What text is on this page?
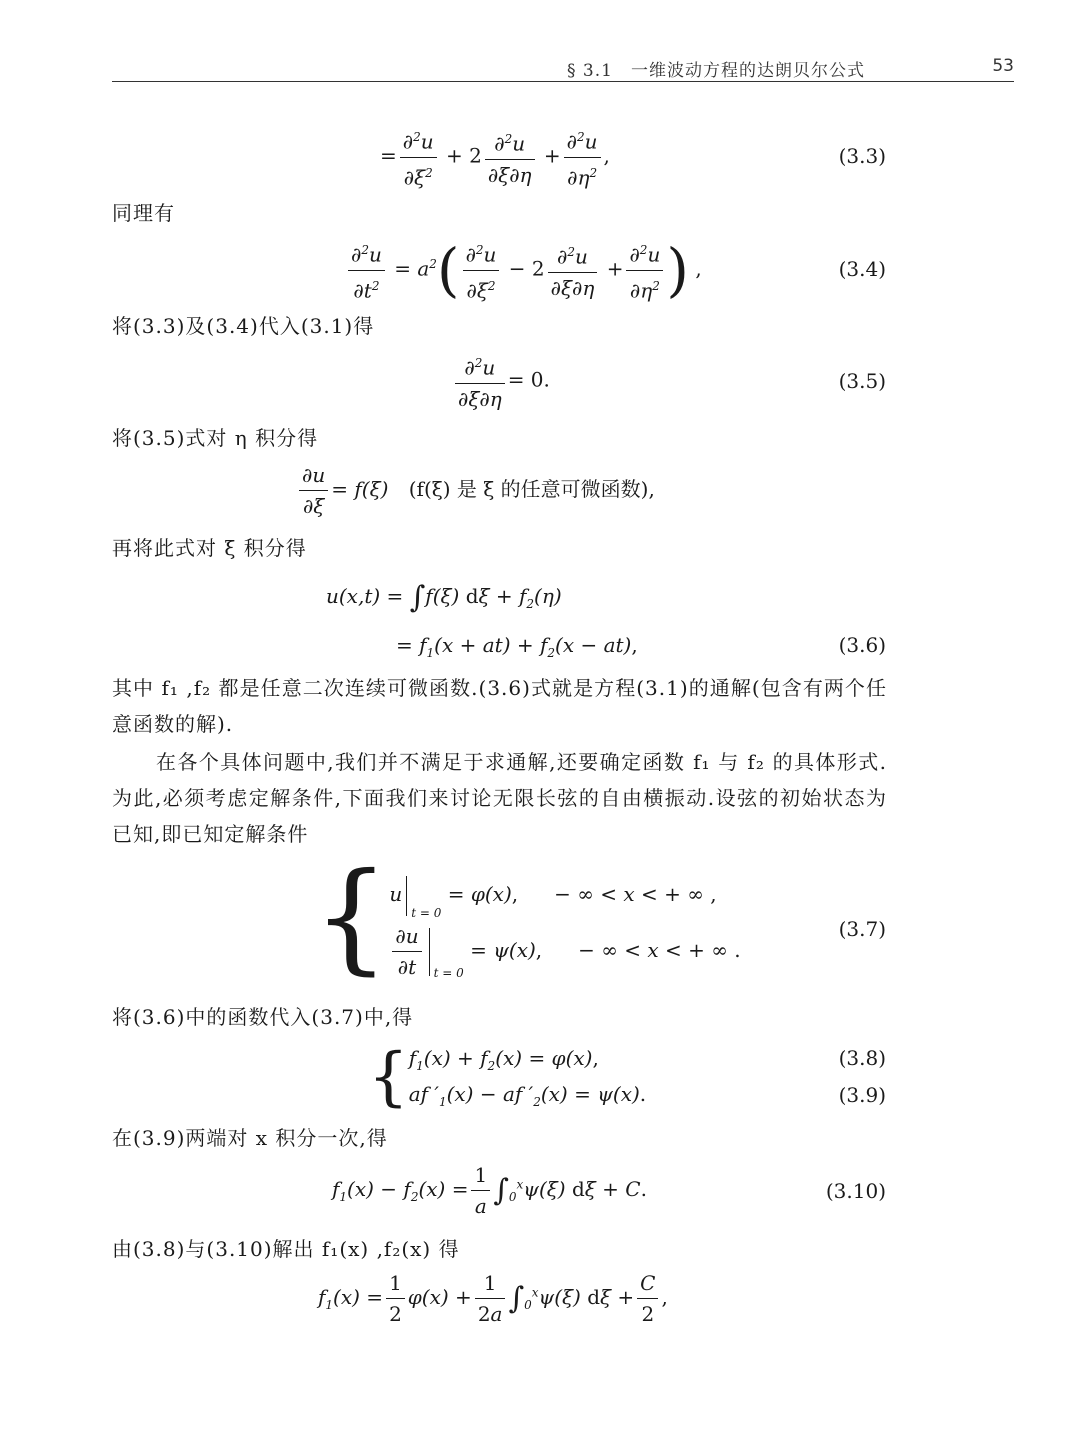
§ 3.1　一维波动方程的达朗贝尔公式	53
= $\frac{\partial^2u}{\partial\xi^2} + 2 \frac{\partial^2u}{\partial\xi\partial\eta} + \frac{\partial^2u}{\partial\eta^2}$ ,	(3.3)
同理有
$\frac{\partial^2u}{\partial t^2} = a^2( \frac{\partial^2u}{\partial\xi^2} - 2 \frac{\partial^2u}{\partial\xi\partial\eta} + \frac{\partial^2u}{\partial\eta^2}$ ) ,	(3.4)
将(3.3)及(3.4)代入(3.1)得
$\frac{\partial^2u}{\partial\xi\partial\eta} = 0$.	(3.5)
将(3.5)式对 η 积分得
$\frac{\partial u}{\partial\xi} = f(\xi)$ (f(ξ) 是 ξ 的任意可微函数),
再将此式对 ξ 积分得
u(x,t) = ∫f(ξ) $d\xi + f_2(\eta)$
= $f_1(x + at) + f_2(x - at)$,	(3.6)
其中 f₁ ,f₂ 都是任意二次连续可微函数.(3.6)式就是方程(3.1)的通解(包含有两个任意函数的解).
在各个具体问题中,我们并不满足于求通解,还要确定函数 f₁ 与 f₂ 的具体形式.为此,必须考虑定解条件,下面我们来讨论无限长弦的自由横振动.设弦的初始状态为已知,即已知定解条件
{ $u_{t = 0} = \varphi(x)$, − ∞ < x < + ∞ ,
$\frac{\partial u}{\partial t} _{t = 0} = \psi(x)$, − ∞ < x < + ∞ .
(3.7)
将(3.6)中的函数代入(3.7)中,得
{ $f_1(x) + f_2(x) = \varphi(x)$,
af $'_1(x)$ − af $'_2(x) = \psi(x)$.
(3.8)
(3.9)
在(3.9)两端对 x 积分一次,得
$f_1(x) - f_2(x) = \frac{1}{a} \int_0^x\psi(\xi) d\xi + C$.	(3.10)
由(3.8)与(3.10)解出 f₁(x) ,f₂(x) 得
$f_1(x) = \frac{1}{2} \varphi(x) + \frac{1}{2a} \int_0^x\psi(\xi) d\xi + \frac{C}{2}$ ,
